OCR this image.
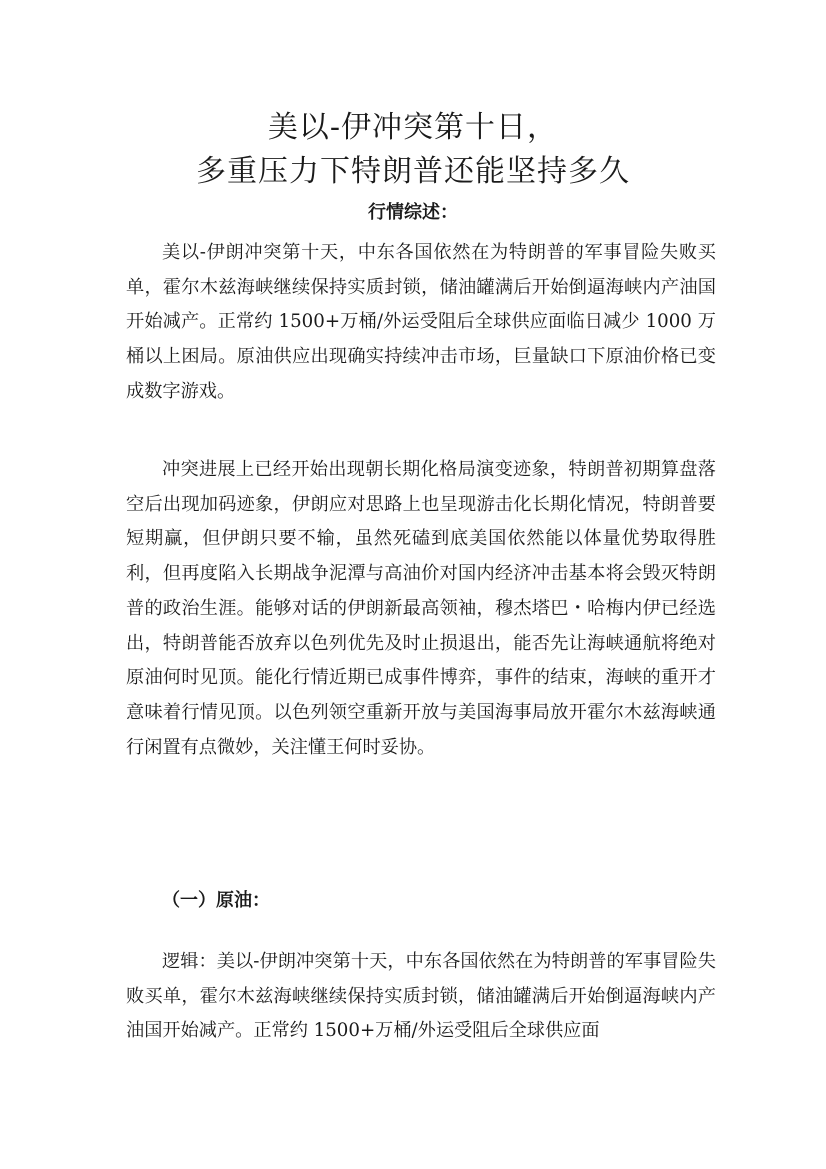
美以-伊冲突第十日，
多重压力下特朗普还能坚持多久
行情综述：

美以-伊朗冲突第十天，中东各国依然在为特朗普的军事冒险失败买单，霍尔木兹海峡继续保持实质封锁，储油罐满后开始倒逼海峡内产油国开始减产。正常约 1500+万桶/外运受阻后全球供应面临日减少 1000 万桶以上困局。原油供应出现确实持续冲击市场，巨量缺口下原油价格已变成数字游戏。

冲突进展上已经开始出现朝长期化格局演变迹象，特朗普初期算盘落空后出现加码迹象，伊朗应对思路上也呈现游击化长期化情况，特朗普要短期赢，但伊朗只要不输，虽然死磕到底美国依然能以体量优势取得胜利，但再度陷入长期战争泥潭与高油价对国内经济冲击基本将会毁灭特朗普的政治生涯。能够对话的伊朗新最高领袖，穆杰塔巴・哈梅内伊已经选出，特朗普能否放弃以色列优先及时止损退出，能否先让海峡通航将绝对原油何时见顶。能化行情近期已成事件博弈，事件的结束，海峡的重开才意味着行情见顶。以色列领空重新开放与美国海事局放开霍尔木兹海峡通行闲置有点微妙，关注懂王何时妥协。

（一）原油：

逻辑：美以-伊朗冲突第十天，中东各国依然在为特朗普的军事冒险失败买单，霍尔木兹海峡继续保持实质封锁，储油罐满后开始倒逼海峡内产油国开始减产。正常约 1500+万桶/外运受阻后全球供应面
